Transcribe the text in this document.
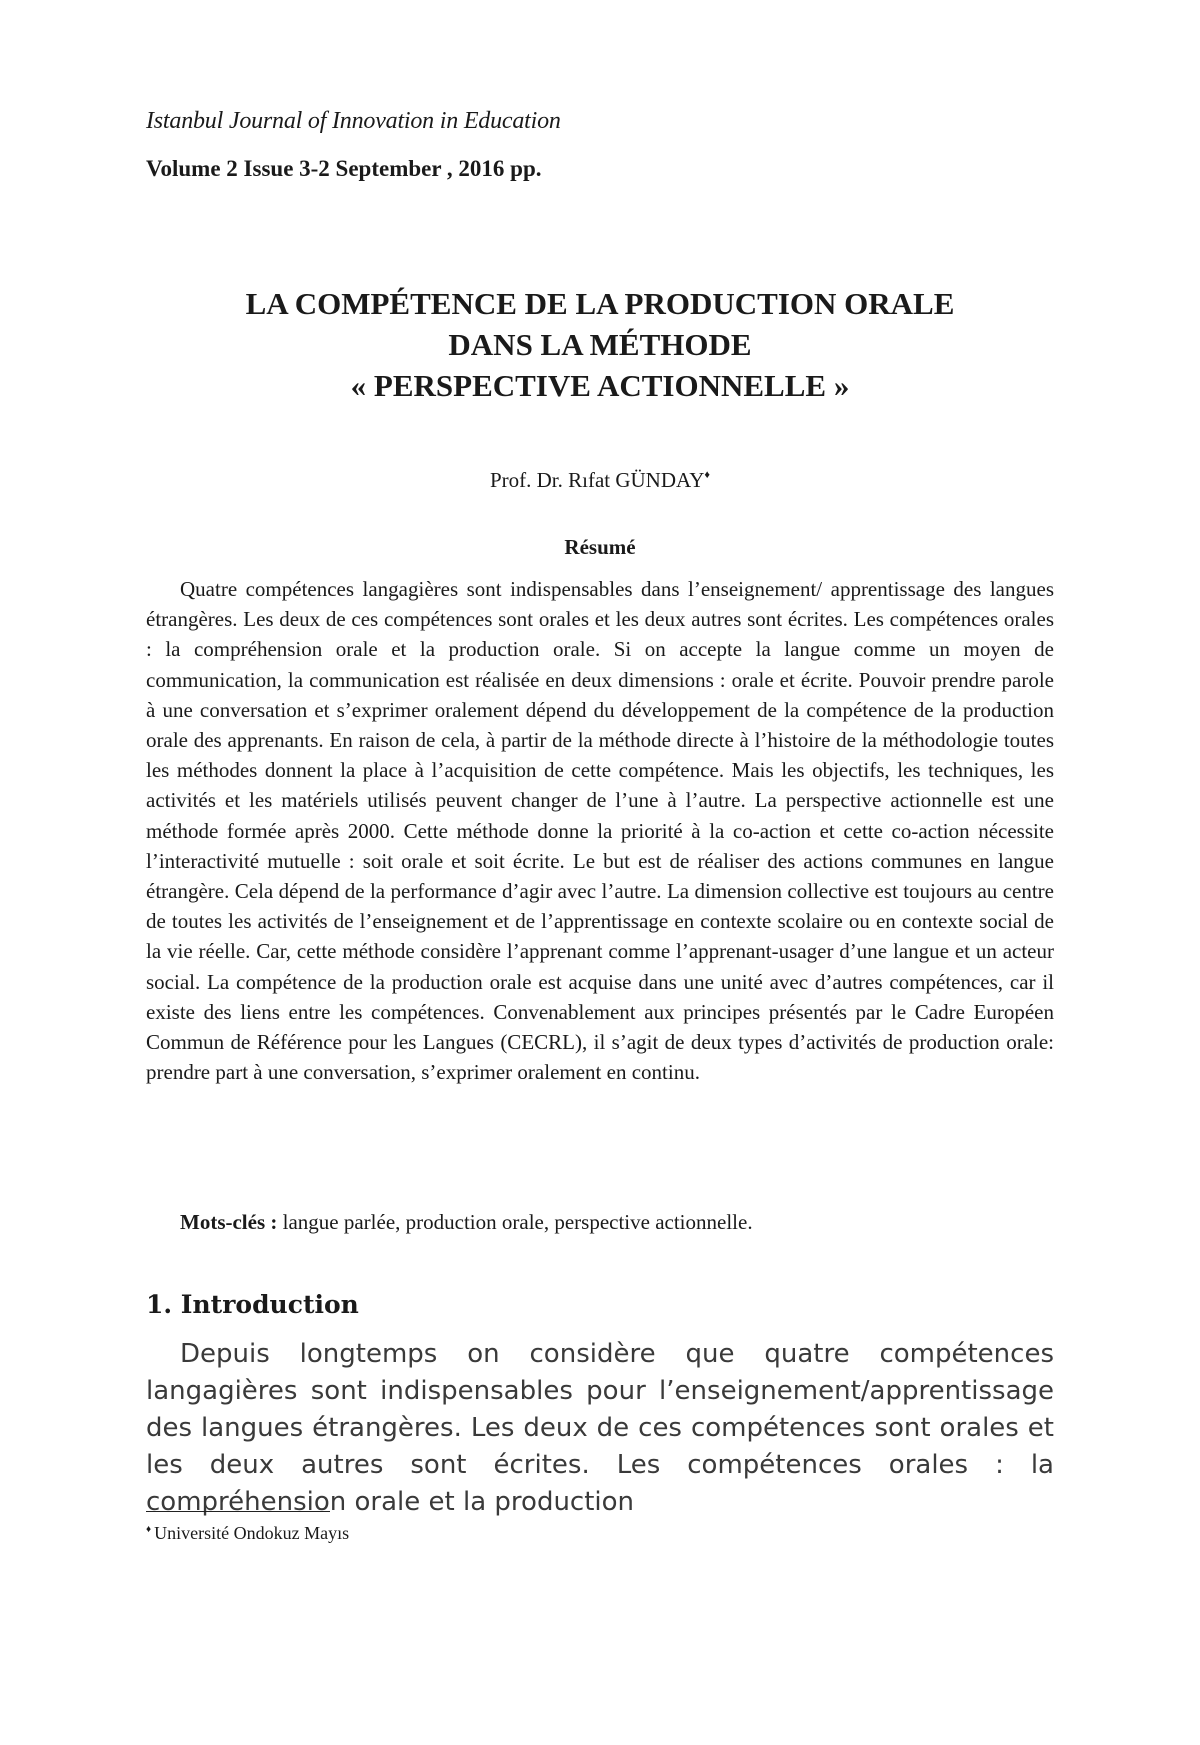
Istanbul Journal of Innovation in Education
Volume 2 Issue 3-2 September , 2016 pp.
LA COMPÉTENCE DE LA PRODUCTION ORALE
DANS LA MÉTHODE
« PERSPECTIVE ACTIONNELLE »
Prof. Dr. Rıfat GÜNDAY♦
Résumé

Quatre compétences langagières sont indispensables dans l’enseignement/ apprentissage des langues étrangères. Les deux de ces compétences sont orales et les deux autres sont écrites. Les compétences orales : la compréhension orale et la production orale. Si on accepte la langue comme un moyen de communication, la communication est réalisée en deux dimensions : orale et écrite. Pouvoir prendre parole à une conversation et s’exprimer oralement dépend du développement de la compétence de la production orale des apprenants. En raison de cela, à partir de la méthode directe à l’histoire de la méthodologie toutes les méthodes donnent la place à l’acquisition de cette compétence. Mais les objectifs, les techniques, les activités et les matériels utilisés peuvent changer de l’une à l’autre. La perspective actionnelle est une méthode formée après 2000. Cette méthode donne la priorité à la co-action et cette co-action nécessite l’interactivité mutuelle : soit orale et soit écrite. Le but est de réaliser des actions communes en langue étrangère. Cela dépend de la performance d’agir avec l’autre. La dimension collective est toujours au centre de toutes les activités de l’enseignement et de l’apprentissage en contexte scolaire ou en contexte social de la vie réelle. Car, cette méthode considère l’apprenant comme l’apprenant-usager d’une langue et un acteur social. La compétence de la production orale est acquise dans une unité avec d’autres compétences, car il existe des liens entre les compétences. Convenablement aux principes présentés par le Cadre Européen Commun de Référence pour les Langues (CECRL), il s’agit de deux types d’activités de production orale: prendre part à une conversation, s’exprimer oralement en continu.

Mots-clés : langue parlée, production orale, perspective actionnelle.

1. Introduction

Depuis longtemps on considère que quatre compétences langagières sont indispensables pour l’enseignement/apprentissage des langues étrangères. Les deux de ces compétences sont orales et les deux autres sont écrites. Les compétences orales : la compréhension orale et la production

♦ Université Ondokuz Mayıs
